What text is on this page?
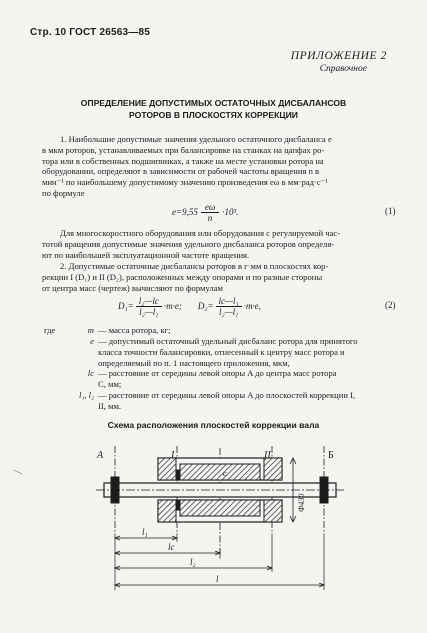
Стр. 10 ГОСТ 26563—85
ПРИЛОЖЕНИЕ 2
Справочное
ОПРЕДЕЛЕНИЕ ДОПУСТИМЫХ ОСТАТОЧНЫХ ДИСБАЛАНСОВ
РОТОРОВ В ПЛОСКОСТЯХ КОРРЕКЦИИ
1. Наибольшие допустимые значения удельного остаточного дисбаланса e
в мкм роторов, устанавливаемых при балансировке на станках на цапфах ро-
тора или в собственных подшипниках, а также на месте установки ротора на
оборудовании, определяют в зависимости от рабочей частоты вращения n в
мин⁻¹ по наибольшему допустимому значению произведения eω в мм·рад·с⁻¹
по формуле
e=9,55
eω
n
·10³.	(1)
Для многоскоростного оборудования или оборудования с регулируемой час-
тотой вращения допустимые значения удельного дисбаланса роторов определя-
ют по наибольшей эксплуатационной частоте вращения.
2. Допустимые остаточные дисбалансы роторов в г·мм в плоскостях кор-
рекции I (D₁) и II (D₂), расположенных между опорами и по разные стороны
от центра масс (чертеж) вычисляют по формулам
$D_1= \frac{\text{l₂—lc}}{\text{l₂—l₁}} \cdot m\cdot e$; $D_2= \frac{\text{lc—l₁}}{\text{l₂—l₁}} \cdot m\cdot e$,	(2)
где	m — масса ротора, кг;
e — допустимый остаточный удельный дисбаланс ротора для принятого
класса точности балансировки, отнесенный к центру масс ротора и
определяемый по п. 1 настоящего приложения, мкм,
lc — расстояние от середины левой опоры A до центра масс ротора
C, мм;
l₁, l₂ — расстояние от середины левой опоры A до плоскостей коррекции I,
II, мм.
Схема расположения плоскостей коррекции вала
A	I	II	Б
c
l₁
lc
l₂
l
Ф430
